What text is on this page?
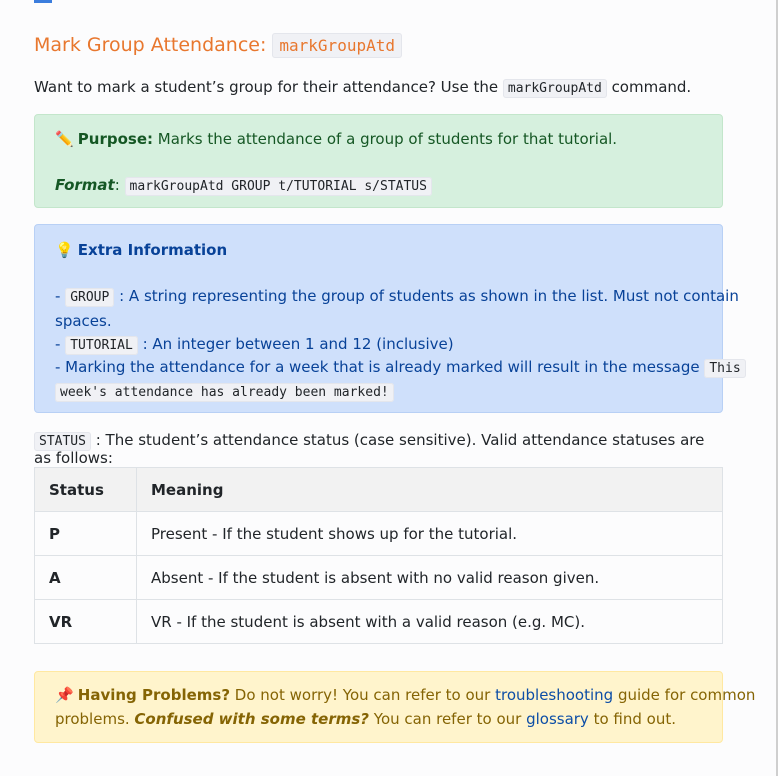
Mark Group Attendance: markGroupAtd
Want to mark a student’s group for their attendance? Use the markGroupAtd command.
✏️ Purpose: Marks the attendance of a group of students for that tutorial.
Format: markGroupAtd GROUP t/TUTORIAL s/STATUS
💡 Extra Information
- GROUP : A string representing the group of students as shown in the list. Must not contain
spaces.
- TUTORIAL : An integer between 1 and 12 (inclusive)
- Marking the attendance for a week that is already marked will result in the message This
week's attendance has already been marked!
STATUS : The student’s attendance status (case sensitive). Valid attendance statuses are as follows:
Status	Meaning
P	Present - If the student shows up for the tutorial.
A	Absent - If the student is absent with no valid reason given.
VR	VR - If the student is absent with a valid reason (e.g. MC).
📌 Having Problems? Do not worry! You can refer to our troubleshooting guide for common
problems. Confused with some terms? You can refer to our glossary to find out.
